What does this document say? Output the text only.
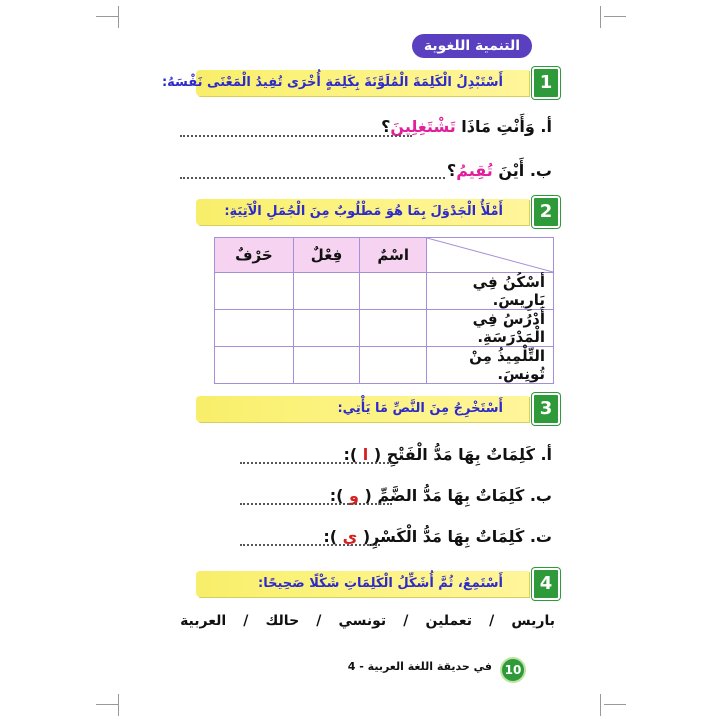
التنمية اللغوية
أَسْتَبْدِلُ الْكَلِمَةَ الْمُلَوَّنَةَ بِكَلِمَةٍ أُخْرَى تُفِيدُ الْمَعْنَى نَفْسَهُ:	1
أ. وَأَنْتِ مَاذَا تَشْتَغِلِينَ؟
ب. أَيْنَ تُقِيمُ؟
أَمْلَأُ الْجَدْوَلَ بِمَا هُوَ مَطْلُوبٌ مِنَ الْجُمَلِ الْآتِيَةِ:	2
	اسْمٌ	فِعْلٌ	حَرْفٌ
أَسْكُنُ فِي بَارِيسَ.			
أَدْرُسُ فِي الْمَدْرَسَةِ.			
التِّلْمِيذُ مِنْ تُونِسَ.			
أَسْتَخْرِجُ مِنَ النَّصِّ مَا يَأْتِي:	3
أ. كَلِمَاتٌ بِهَا مَدُّ الْفَتْحِ ( ا ):
ب. كَلِمَاتٌ بِهَا مَدُّ الضَّمِّ ( و ):
ت. كَلِمَاتٌ بِهَا مَدُّ الْكَسْرِ( ي ):
أَسْتَمِعُ، ثُمَّ أُشَكِّلُ الْكَلِمَاتِ شَكْلًا صَحِيحًا:	4
باريس
/
تعملين
/
تونسي
/
حالك
/
العربية
10
في حديقة اللغة العربية - 4
